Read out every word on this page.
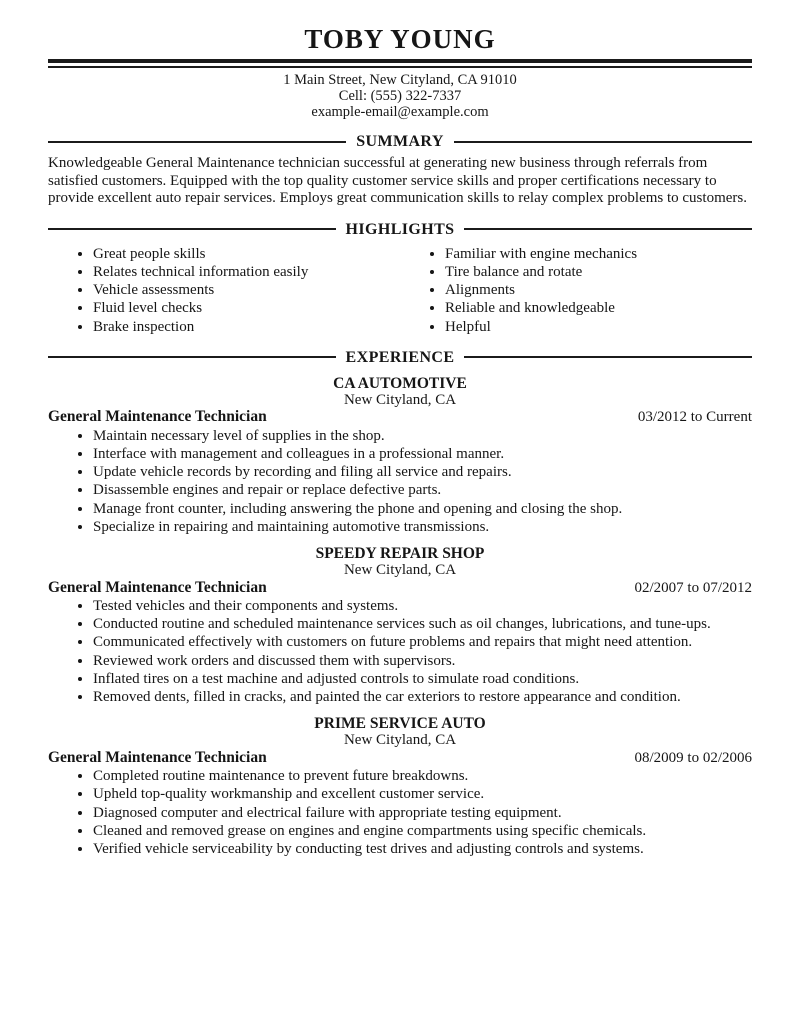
TOBY YOUNG
1 Main Street, New Cityland, CA 91010
Cell: (555) 322-7337
example-email@example.com
SUMMARY

Knowledgeable General Maintenance technician successful at generating new business through referrals from satisfied customers. Equipped with the top quality customer service skills and proper certifications necessary to provide excellent auto repair services. Employs great communication skills to relay complex problems to customers.

HIGHLIGHTS
• Great people skills
• Relates technical information easily
• Vehicle assessments
• Fluid level checks
• Brake inspection
• Familiar with engine mechanics
• Tire balance and rotate
• Alignments
• Reliable and knowledgeable
• Helpful
EXPERIENCE
CA AUTOMOTIVE
New Cityland, CA
General Maintenance Technician	03/2012 to Current
• Maintain necessary level of supplies in the shop.
• Interface with management and colleagues in a professional manner.
• Update vehicle records by recording and filing all service and repairs.
• Disassemble engines and repair or replace defective parts.
• Manage front counter, including answering the phone and opening and closing the shop.
• Specialize in repairing and maintaining automotive transmissions.
SPEEDY REPAIR SHOP
New Cityland, CA
General Maintenance Technician	02/2007 to 07/2012
• Tested vehicles and their components and systems.
• Conducted routine and scheduled maintenance services such as oil changes, lubrications, and tune-ups.
• Communicated effectively with customers on future problems and repairs that might need attention.
• Reviewed work orders and discussed them with supervisors.
• Inflated tires on a test machine and adjusted controls to simulate road conditions.
• Removed dents, filled in cracks, and painted the car exteriors to restore appearance and condition.
PRIME SERVICE AUTO
New Cityland, CA
General Maintenance Technician	08/2009 to 02/2006
• Completed routine maintenance to prevent future breakdowns.
• Upheld top-quality workmanship and excellent customer service.
• Diagnosed computer and electrical failure with appropriate testing equipment.
• Cleaned and removed grease on engines and engine compartments using specific chemicals.
• Verified vehicle serviceability by conducting test drives and adjusting controls and systems.
